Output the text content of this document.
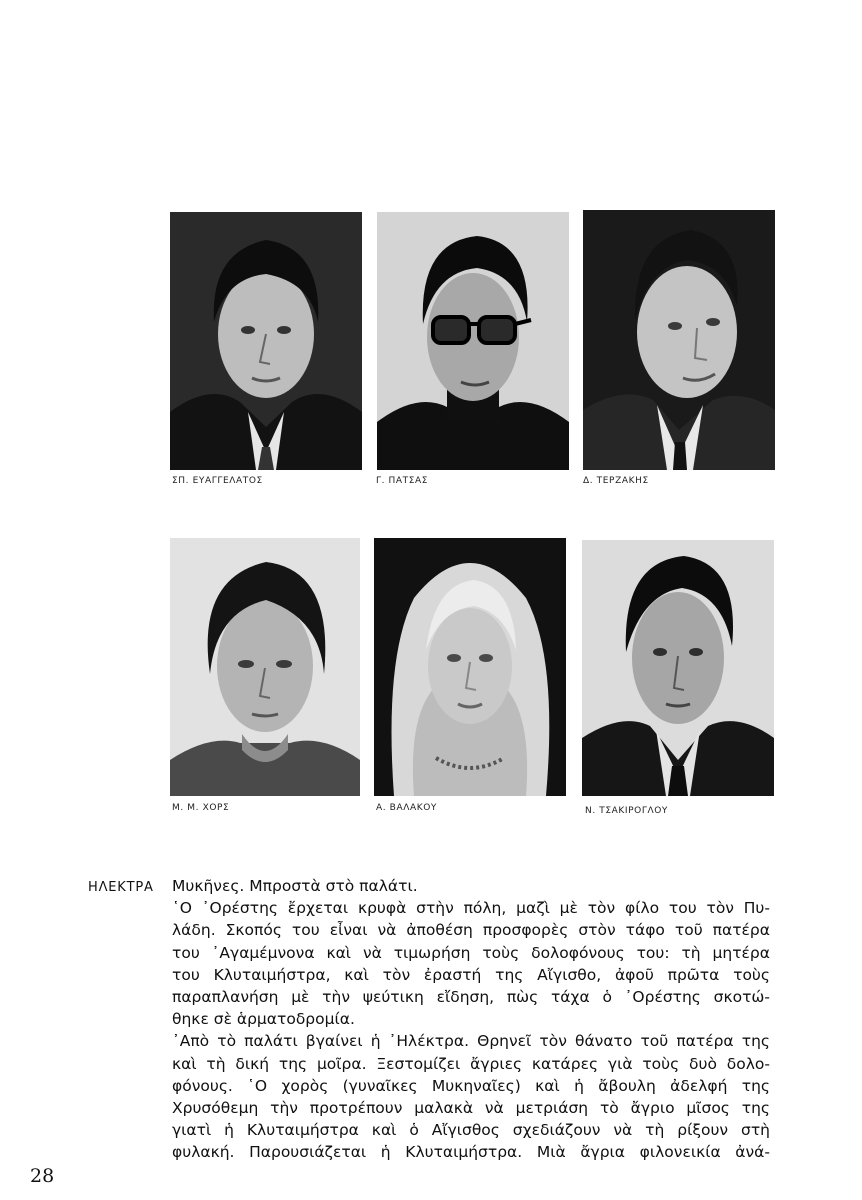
ΣΠ. ΕΥΑΓΓΕΛΑΤΟΣ	Γ. ΠΑΤΣΑΣ	Δ. ΤΕΡΖΑΚΗΣ
Μ. Μ. ΧΟΡΣ	Α. ΒΑΛΑΚΟΥ	Ν. ΤΣΑΚΙΡΟΓΛΟΥ
ΗΛΕΚΤΡΑ Μυκῆνες. Μπροστὰ στὸ παλάτι.
῾Ο ᾿Ορέστης ἔρχεται κρυφὰ στὴν πόλη, μαζὶ μὲ τὸν φίλο του τὸν Πυ-
λάδη. Σκοπός του εἶναι νὰ ἀποθέση προσφορὲς στὸν τάφο τοῦ πατέρα
του ᾿Αγαμέμνονα καὶ νὰ τιμωρήση τοὺς δολοφόνους του: τὴ μητέρα
του Κλυταιμήστρα, καὶ τὸν ἐραστή της Αἴγισθο, ἀφοῦ πρῶτα τοὺς
παραπλανήση μὲ τὴν ψεύτικη εἴδηση, πὼς τάχα ὁ ᾿Ορέστης σκοτώ-
θηκε σὲ ἁρματοδρομία.
᾿Απὸ τὸ παλάτι βγαίνει ἡ ᾿Ηλέκτρα. Θρηνεῖ τὸν θάνατο τοῦ πατέρα της
καὶ τὴ δική της μοῖρα. Ξεστομίζει ἄγριες κατάρες γιὰ τοὺς δυὸ δολο-
φόνους. ῾Ο χορὸς (γυναῖκες Μυκηναῖες) καὶ ἡ ἄβουλη ἀδελφή της
Χρυσόθεμη τὴν προτρέπουν μαλακὰ νὰ μετριάση τὸ ἄγριο μῖσος της
γιατὶ ἡ Κλυταιμήστρα καὶ ὁ Αἴγισθος σχεδιάζουν νὰ τὴ ρίξουν στὴ
φυλακή. Παρουσιάζεται ἡ Κλυταιμήστρα. Μιὰ ἄγρια φιλονεικία ἀνά-
28
